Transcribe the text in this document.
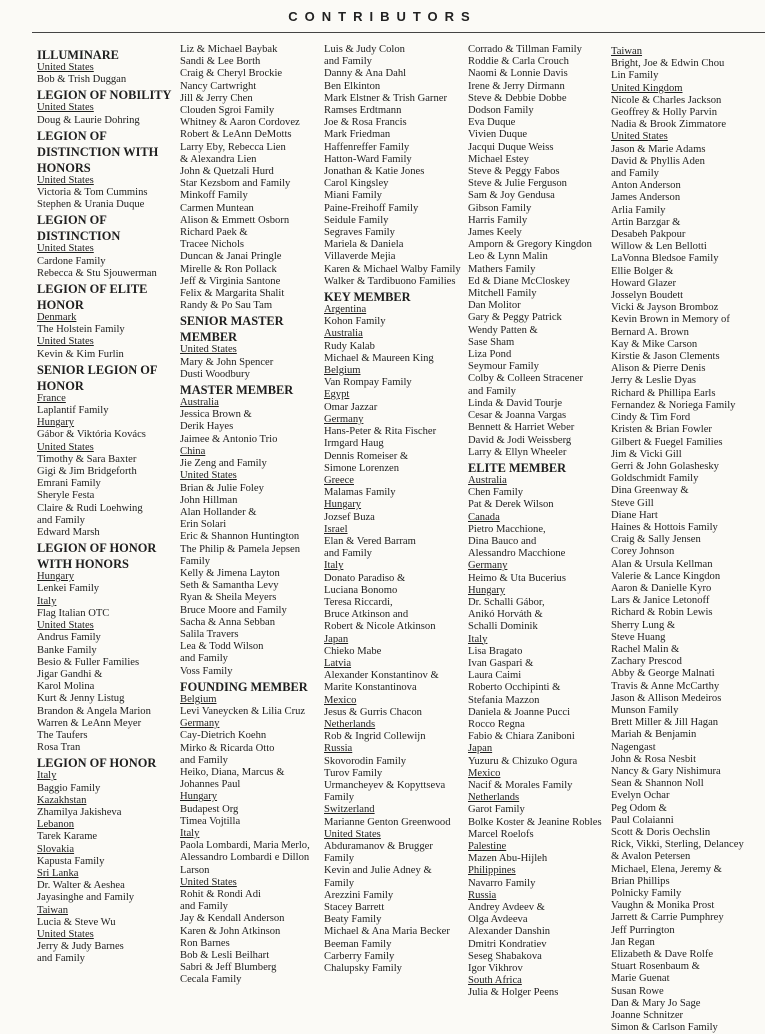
CONTRIBUTORS
ILLUMINARE
United States
Bob & Trish Duggan
LEGION OF NOBILITY
United States
Doug & Laurie Dohring
LEGION OF
DISTINCTION WITH
HONORS
United States
Victoria & Tom Cummins
Stephen & Urania Duque
LEGION OF
DISTINCTION
United States
Cardone Family
Rebecca & Stu Sjouwerman
LEGION OF ELITE
HONOR
Denmark
The Holstein Family
United States
Kevin & Kim Furlin
SENIOR LEGION OF
HONOR
France
Laplantif Family
Hungary
Gábor & Viktória Kovács
United States
Timothy & Sara Baxter
Gigi & Jim Bridgeforth
Emrani Family
Sheryle Festa
Claire & Rudi Loehwing
and Family
Edward Marsh
LEGION OF HONOR
WITH HONORS
Hungary
Lenkei Family
Italy
Flag Italian OTC
United States
Andrus Family
Banke Family
Besio & Fuller Families
Jigar Gandhi &
Karol Molina
Kurt & Jenny Listug
Brandon & Angela Marion
Warren & LeAnn Meyer
The Taufers
Rosa Tran
LEGION OF HONOR
Italy
Baggio Family
Kazakhstan
Zhamilya Jakisheva
Lebanon
Tarek Karame
Slovakia
Kapusta Family
Sri Lanka
Dr. Walter & Aeshea
Jayasinghe and Family
Taiwan
Lucia & Steve Wu
United States
Jerry & Judy Barnes
and Family
Liz & Michael Baybak
Sandi & Lee Borth
Craig & Cheryl Brockie
Nancy Cartwright
Jill & Jerry Chen
Clouden Sgroi Family
Whitney & Aaron Cordovez
Robert & LeAnn DeMotts
Larry Eby, Rebecca Lien
& Alexandra Lien
John & Quetzali Hurd
Star Kezsbom and Family
Minkoff Family
Carmen Muntean
Alison & Emmett Osborn
Richard Paek &
Tracee Nichols
Duncan & Janai Pringle
Mirelle & Ron Pollack
Jeff & Virginia Santone
Felix & Margarita Shalit
Randy & Po Sau Tam
SENIOR MASTER
MEMBER
United States
Mary & John Spencer
Dusti Woodbury
MASTER MEMBER
Australia
Jessica Brown &
Derik Hayes
Jaimee & Antonio Trio
China
Jie Zeng and Family
United States
Brian & Julie Foley
John Hillman
Alan Hollander &
Erin Solari
Eric & Shannon Huntington
The Philip & Pamela Jepsen
Family
Kelly & Jimena Layton
Seth & Samantha Levy
Ryan & Sheila Meyers
Bruce Moore and Family
Sacha & Anna Sebban
Salila Travers
Lea & Todd Wilson
and Family
Voss Family
FOUNDING MEMBER
Belgium
Levi Vaneycken & Lilia Cruz
Germany
Cay-Dietrich Koehn
Mirko & Ricarda Otto
and Family
Heiko, Diana, Marcus &
Johannes Paul
Hungary
Budapest Org
Timea Vojtilla
Italy
Paola Lombardi, Maria Merlo,
Alessandro Lombardi e Dillon
Larson
United States
Rohit & Rondi Adi
and Family
Jay & Kendall Anderson
Karen & John Atkinson
Ron Barnes
Bob & Lesli Beilhart
Sabri & Jeff Blumberg
Cecala Family
Luis & Judy Colon
and Family
Danny & Ana Dahl
Ben Elkinton
Mark Elstner & Trish Garner
Ramses Erdtmann
Joe & Rosa Francis
Mark Friedman
Haffenreffer Family
Hatton-Ward Family
Jonathan & Katie Jones
Carol Kingsley
Miani Family
Paine-Freihoff Family
Seidule Family
Segraves Family
Mariela & Daniela
Villaverde Mejia
Karen & Michael Walby Family
Walker & Tardibuono Families
KEY MEMBER
Argentina
Kohon Family
Australia
Rudy Kalab
Michael & Maureen King
Belgium
Van Rompay Family
Egypt
Omar Jazzar
Germany
Hans-Peter & Rita Fischer
Irmgard Haug
Dennis Romeiser &
Simone Lorenzen
Greece
Malamas Family
Hungary
Jozsef Buza
Israel
Elan & Vered Barram
and Family
Italy
Donato Paradiso &
Luciana Bonomo
Teresa Riccardi,
Bruce Atkinson and
Robert & Nicole Atkinson
Japan
Chieko Mabe
Latvia
Alexander Konstantinov &
Marite Konstantinova
Mexico
Jesus & Gurris Chacon
Netherlands
Rob & Ingrid Collewijn
Russia
Skovorodin Family
Turov Family
Urmancheyev & Kopyttseva
Family
Switzerland
Marianne Genton Greenwood
United States
Abduramanov & Brugger
Family
Kevin and Julie Adney &
Family
Arezzini Family
Stacey Barrett
Beaty Family
Michael & Ana Maria Becker
Beeman Family
Carberry Family
Chalupsky Family
Corrado & Tillman Family
Roddie & Carla Crouch
Naomi & Lonnie Davis
Irene & Jerry Dirmann
Steve & Debbie Dobbe
Dodson Family
Eva Duque
Vivien Duque
Jacqui Duque Weiss
Michael Estey
Steve & Peggy Fabos
Steve & Julie Ferguson
Sam & Joy Gendusa
Gibson Family
Harris Family
James Keely
Amporn & Gregory Kingdon
Leo & Lynn Malin
Mathers Family
Ed & Diane McCloskey
Mitchell Family
Dan Molitor
Gary & Peggy Patrick
Wendy Patten &
Sase Sham
Liza Pond
Seymour Family
Colby & Colleen Stracener
and Family
Linda & David Tourje
Cesar & Joanna Vargas
Bennett & Harriet Weber
David & Jodi Weissberg
Larry & Ellyn Wheeler
ELITE MEMBER
Australia
Chen Family
Pat & Derek Wilson
Canada
Pietro Macchione,
Dina Bauco and
Alessandro Macchione
Germany
Heimo & Uta Bucerius
Hungary
Dr. Schalli Gábor,
Anikó Horváth &
Schalli Dominik
Italy
Lisa Bragato
Ivan Gaspari &
Laura Caimi
Roberto Occhipinti &
Stefania Mazzon
Daniela & Joanne Pucci
Rocco Regna
Fabio & Chiara Zaniboni
Japan
Yuzuru & Chizuko Ogura
Mexico
Nacif & Morales Family
Netherlands
Garot Family
Bolke Koster & Jeanine Robles
Marcel Roelofs
Palestine
Mazen Abu-Hijleh
Philippines
Navarro Family
Russia
Andrey Avdeev &
Olga Avdeeva
Alexander Danshin
Dmitri Kondratiev
Seseg Shabakova
Igor Vikhrov
South Africa
Julia & Holger Peens
Taiwan
Bright, Joe & Edwin Chou
Lin Family
United Kingdom
Nicole & Charles Jackson
Geoffrey & Holly Parvin
Nadia & Brook Zimmatore
United States
Jason & Marie Adams
David & Phyllis Aden
and Family
Anton Anderson
James Anderson
Arlia Family
Artin Barzgar &
Desabeh Pakpour
Willow & Len Bellotti
LaVonna Bledsoe Family
Ellie Bolger &
Howard Glazer
Josselyn Boudett
Vicki & Jayson Bromboz
Kevin Brown in Memory of
Bernard A. Brown
Kay & Mike Carson
Kirstie & Jason Clements
Alison & Pierre Denis
Jerry & Leslie Dyas
Richard & Phillipa Earls
Fernandez & Noriega Family
Cindy & Tim Ford
Kristen & Brian Fowler
Gilbert & Fuegel Families
Jim & Vicki Gill
Gerri & John Golashesky
Goldschmidt Family
Dina Greenway &
Steve Gill
Diane Hart
Haines & Hottois Family
Craig & Sally Jensen
Corey Johnson
Alan & Ursula Kellman
Valerie & Lance Kingdon
Aaron & Danielle Kyro
Lars & Janice Letonoff
Richard & Robin Lewis
Sherry Lung &
Steve Huang
Rachel Malin &
Zachary Prescod
Abby & George Malnati
Travis & Anne McCarthy
Jason & Allison Medeiros
Munson Family
Brett Miller & Jill Hagan
Mariah & Benjamin
Nagengast
John & Rosa Nesbit
Nancy & Gary Nishimura
Sean & Shannon Noll
Evelyn Ochar
Peg Odom &
Paul Colaianni
Scott & Doris Oechslin
Rick, Vikki, Sterling, Delancey
& Avalon Petersen
Michael, Elena, Jeremy &
Brian Phillips
Polnicky Family
Vaughn & Monika Prost
Jarrett & Carrie Pumphrey
Jeff Purrington
Jan Regan
Elizabeth & Dave Rolfe
Stuart Rosenbaum &
Marie Guenat
Susan Rowe
Dan & Mary Jo Sage
Joanne Schnitzer
Simon & Carlson Family
